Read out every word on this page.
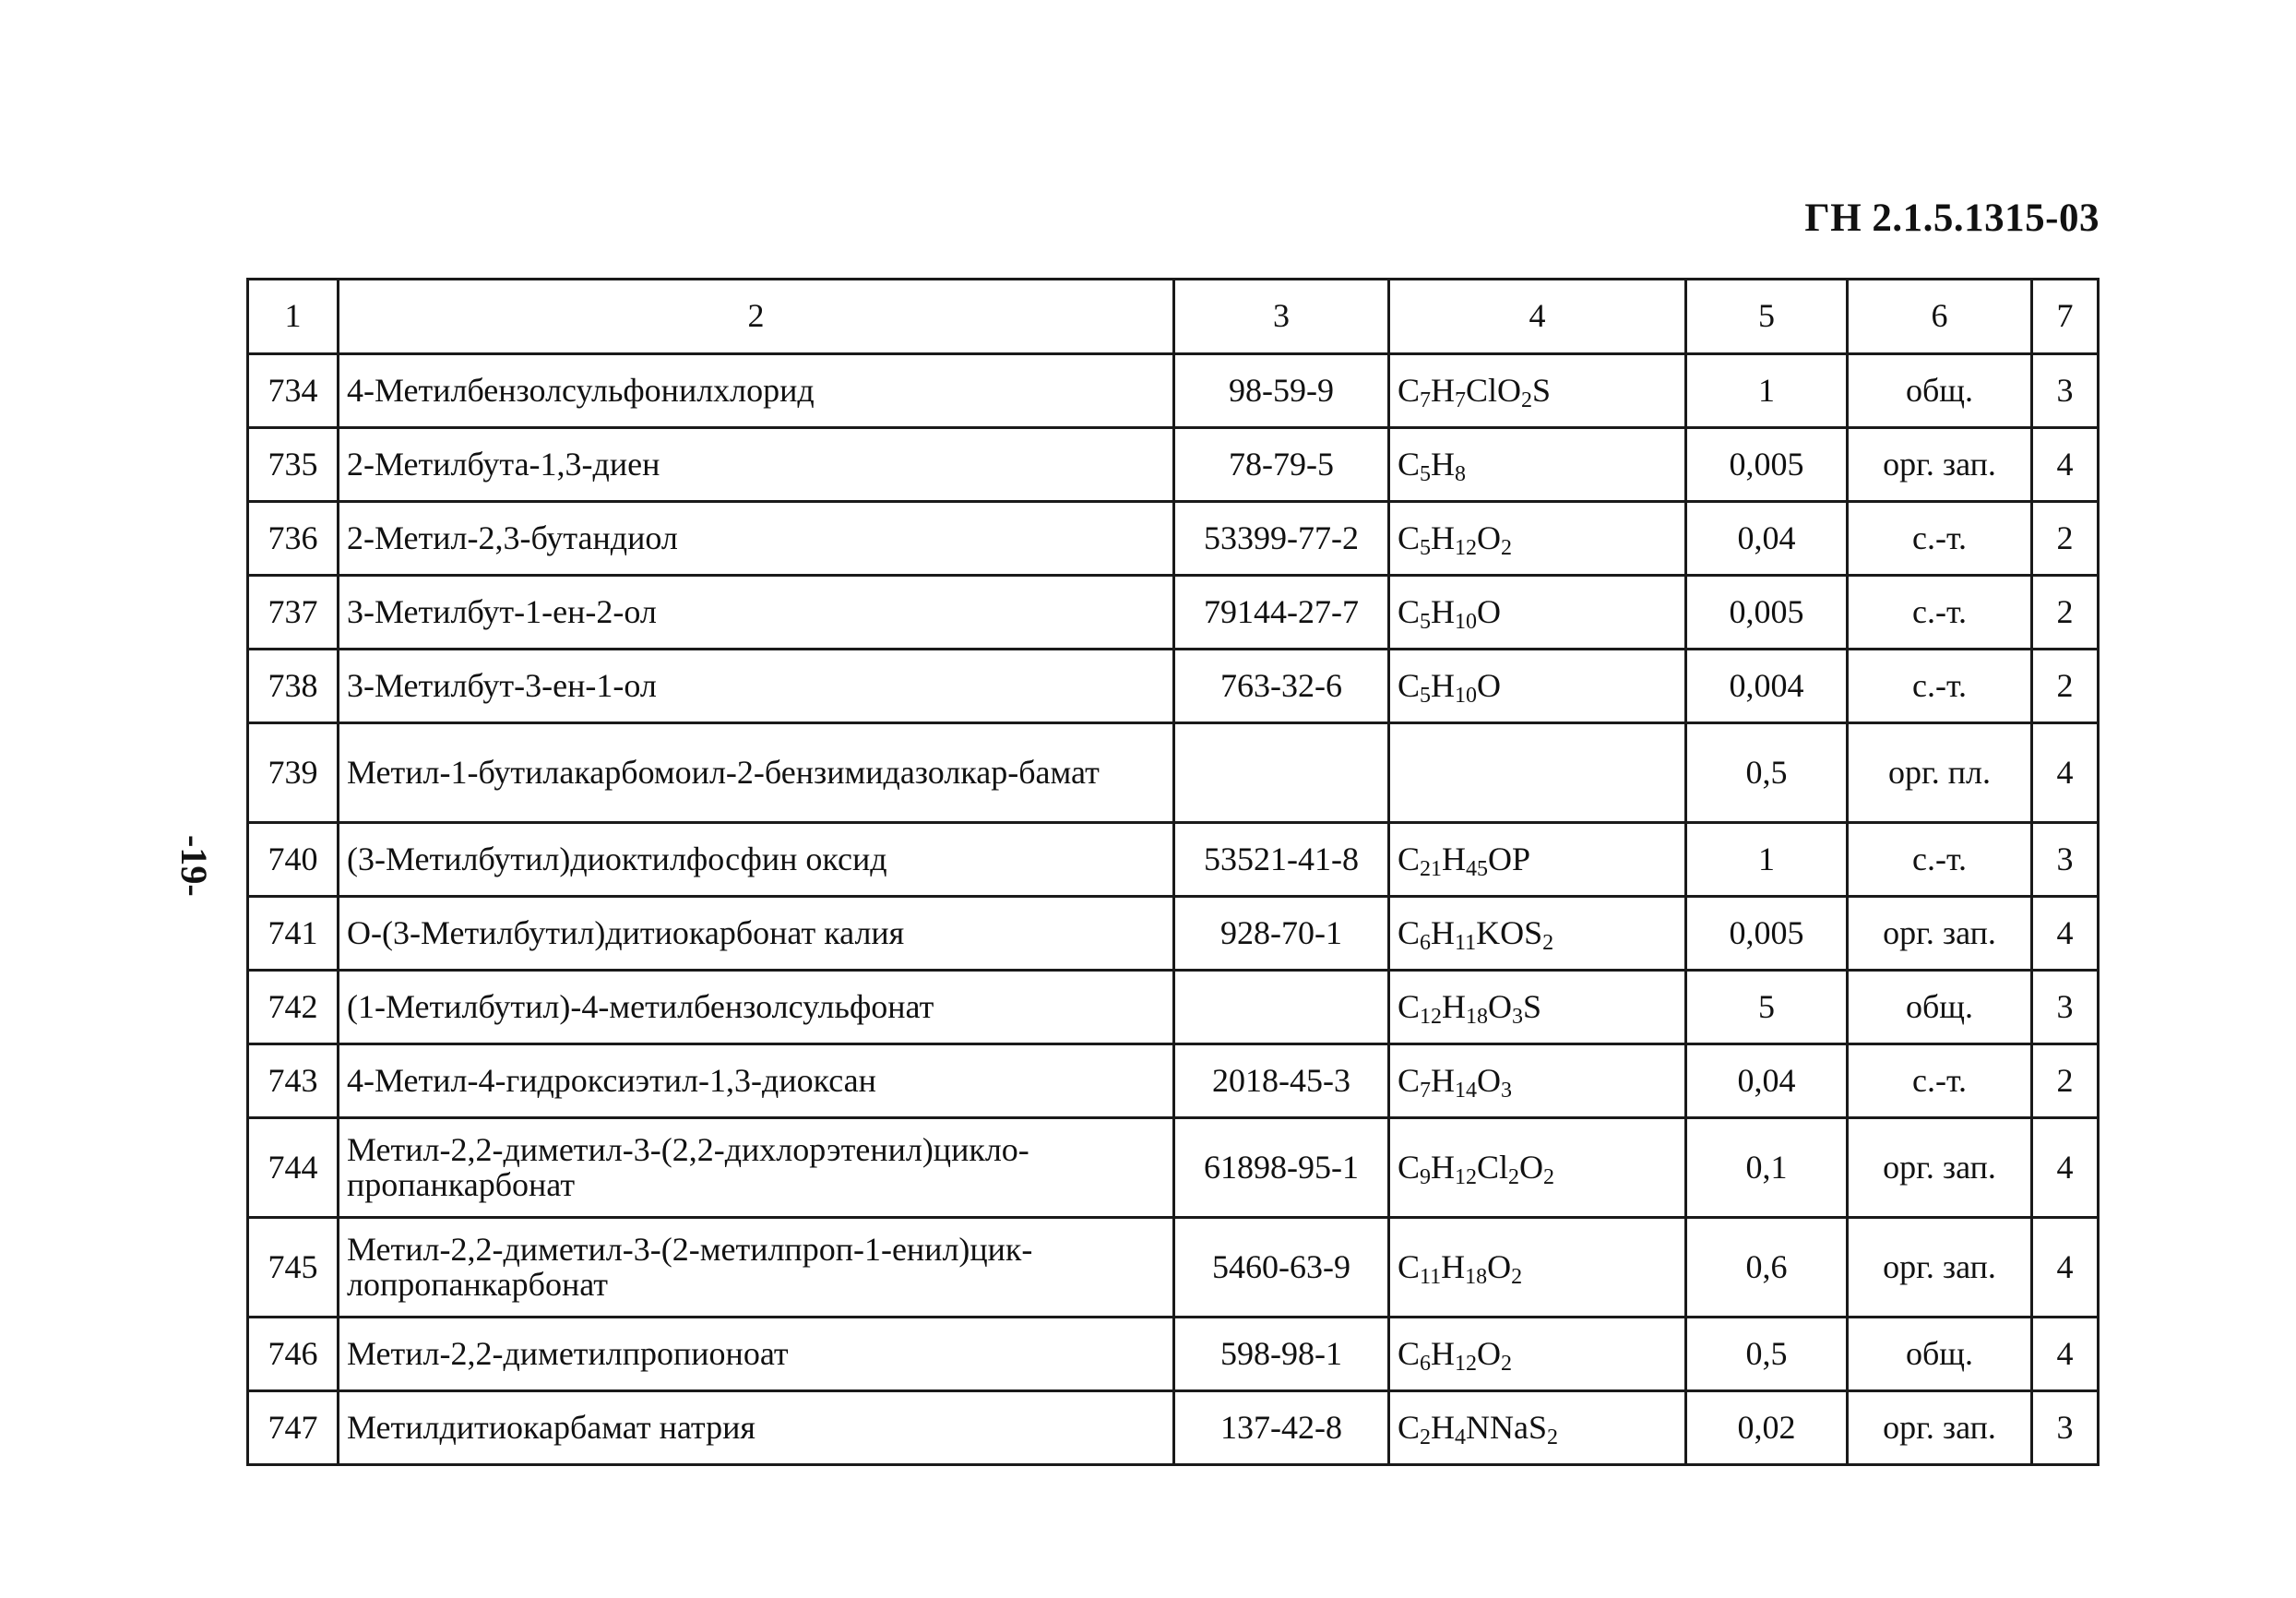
ГН 2.1.5.1315-03
-19-
1	2	3	4	5	6	7
734	4-Метилбензолсульфонилхлорид	98-59-9	$C_7H_7ClO_2S$	1	общ.	3
735	2-Метилбута-1,3-диен	78-79-5	$C_5H_8$	0,005	орг. зап.	4
736	2-Метил-2,3-бутандиол	53399-77-2	$C_5H_{12}O_2$	0,04	с.-т.	2
737	3-Метилбут-1-ен-2-ол	79144-27-7	$C_5H_{10}O$	0,005	с.-т.	2
738	3-Метилбут-3-ен-1-ол	763-32-6	$C_5H_{10}O$	0,004	с.-т.	2
739	Метил-1-бутилакарбомоил-2-бензимидазолкар-бамат			0,5	орг. пл.	4
740	(3-Метилбутил)диоктилфосфин оксид	53521-41-8	$C_{21}H_{45}OP$	1	с.-т.	3
741	О-(3-Метилбутил)дитиокарбонат калия	928-70-1	$C_6H_{11}KOS_2$	0,005	орг. зап.	4
742	(1-Метилбутил)-4-метилбензолсульфонат		$C_{12}H_{18}O_3S$	5	общ.	3
743	4-Метил-4-гидроксиэтил-1,3-диоксан	2018-45-3	$C_7H_{14}O_3$	0,04	с.-т.	2
744	Метил-2,2-диметил-3-(2,2-дихлорэтенил)цикло-пропанкарбонат	61898-95-1	$C_9H_{12}Cl_2O_2$	0,1	орг. зап.	4
745	Метил-2,2-диметил-3-(2-метилпроп-1-енил)цик-лопропанкарбонат	5460-63-9	$C_{11}H_{18}O_2$	0,6	орг. зап.	4
746	Метил-2,2-диметилпропионоат	598-98-1	$C_6H_{12}O_2$	0,5	общ.	4
747	Метилдитиокарбамат натрия	137-42-8	$C_2H_4NNaS_2$	0,02	орг. зап.	3
